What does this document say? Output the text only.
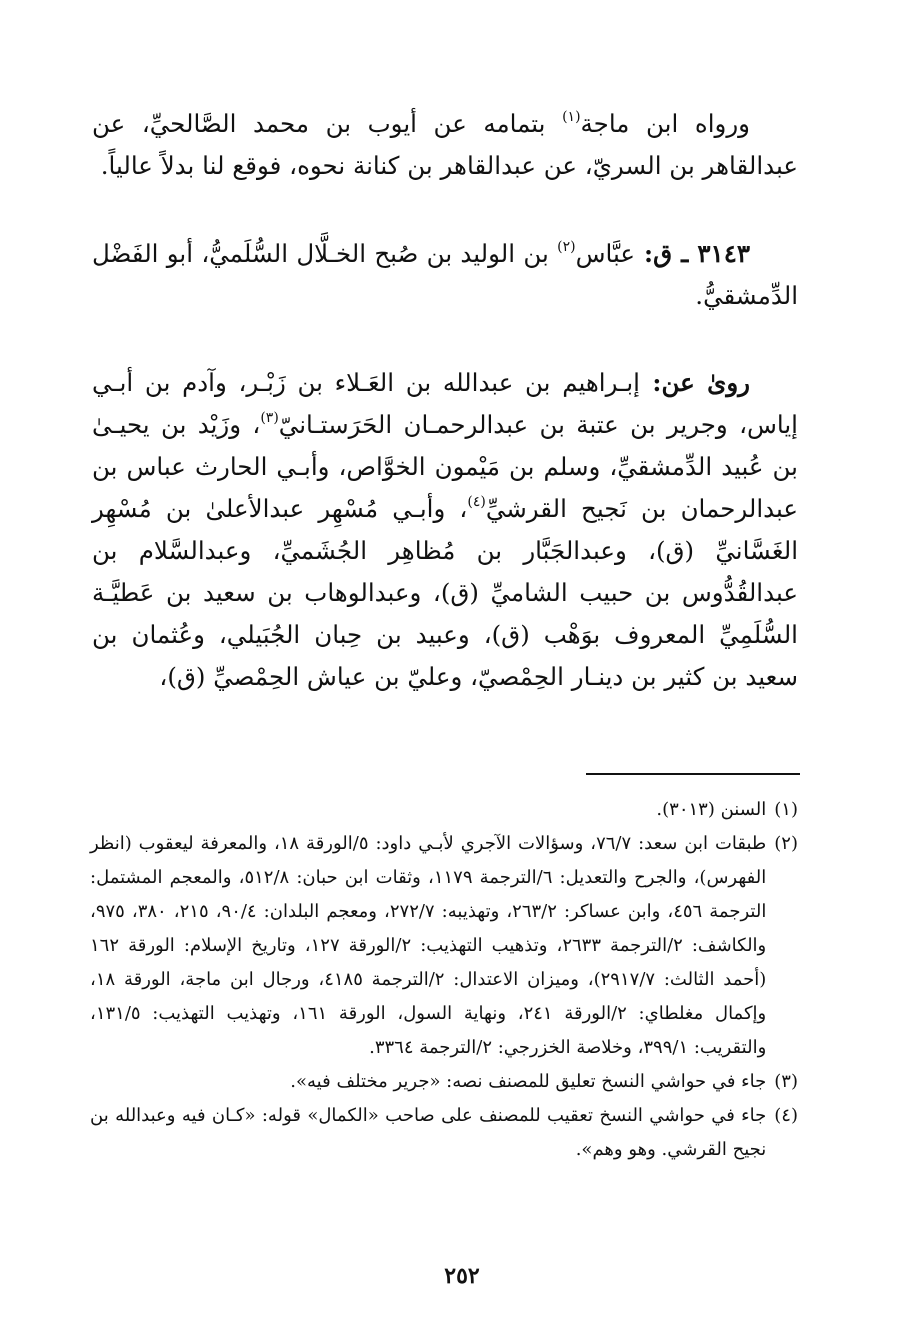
ورواه ابن ماجة$^{(١)}$ بتمامه عن أيوب بن محمد الصَّالحيِّ، عن عبدالقاهر بن السريّ، عن عبدالقاهر بن كنانة نحوه، فوقع لنا بدلاً عالياً.

٣١٤٣ ـ ق: عبَّاس$^{(٢)}$ بن الوليد بن صُبح الخـلَّال السُّلَميُّ، أبو الفَضْل الدِّمشقيُّ.

روىٰ عن: إبـراهيم بن عبدالله بن العَـلاء بن زَبْـر، وآدم بن أبـي إياس، وجرير بن عتبة بن عبدالرحمـان الحَرَستـانيّ$^{(٣)}$، وزَيْد بن يحيـىٰ بن عُبيد الدِّمشقيِّ، وسلم بن مَيْمون الخوَّاص، وأبـي الحارث عباس بن عبدالرحمان بن نَجيح القرشيِّ$^{(٤)}$، وأبـي مُسْهِر عبدالأعلىٰ بن مُسْهِر الغَسَّانيِّ (ق)، وعبدالجَبَّار بن مُظاهِر الجُشَميِّ، وعبدالسَّلام بن عبدالقُدُّوس بن حبيب الشاميِّ (ق)، وعبدالوهاب بن سعيد بن عَطيَّـة السُّلَمِيِّ المعروف بوَهْب (ق)، وعبيد بن حِبان الجُبَيلي، وعُثمان بن سعيد بن كثير بن دينـار الحِمْصيّ، وعليّ بن عياش الحِمْصيِّ (ق)،

(١)
السنن (٣٠١٣).
(٢)
طبقات ابن سعد: ٧٦/٧، وسؤالات الآجري لأبـي داود: ٥/الورقة ١٨، والمعرفة ليعقوب (انظر الفهرس)، والجرح والتعديل: ٦/الترجمة ١١٧٩، وثقات ابن حبان: ٥١٢/٨، والمعجم المشتمل: الترجمة ٤٥٦، وابن عساكر: ٢٦٣/٢، وتهذيبه: ٢٧٢/٧، ومعجم البلدان: ٩٠/٤، ٢١٥، ٣٨٠، ٩٧٥، والكاشف: ٢/الترجمة ٢٦٣٣، وتذهيب التهذيب: ٢/الورقة ١٢٧، وتاريخ الإسلام: الورقة ١٦٢ (أحمد الثالث: ٢٩١٧/٧)، وميزان الاعتدال: ٢/الترجمة ٤١٨٥، ورجال ابن ماجة، الورقة ١٨، وإكمال مغلطاي: ٢/الورقة ٢٤١، ونهاية السول، الورقة ١٦١، وتهذيب التهذيب: ١٣١/٥، والتقريب: ٣٩٩/١، وخلاصة الخزرجي: ٢/الترجمة ٣٣٦٤.
(٣)
جاء في حواشي النسخ تعليق للمصنف نصه: «جرير مختلف فيه».
(٤)
جاء في حواشي النسخ تعقيب للمصنف على صاحب «الكمال» قوله: «كـان فيه وعبدالله بن نجيح القرشي. وهو وهم».
٢٥٢
